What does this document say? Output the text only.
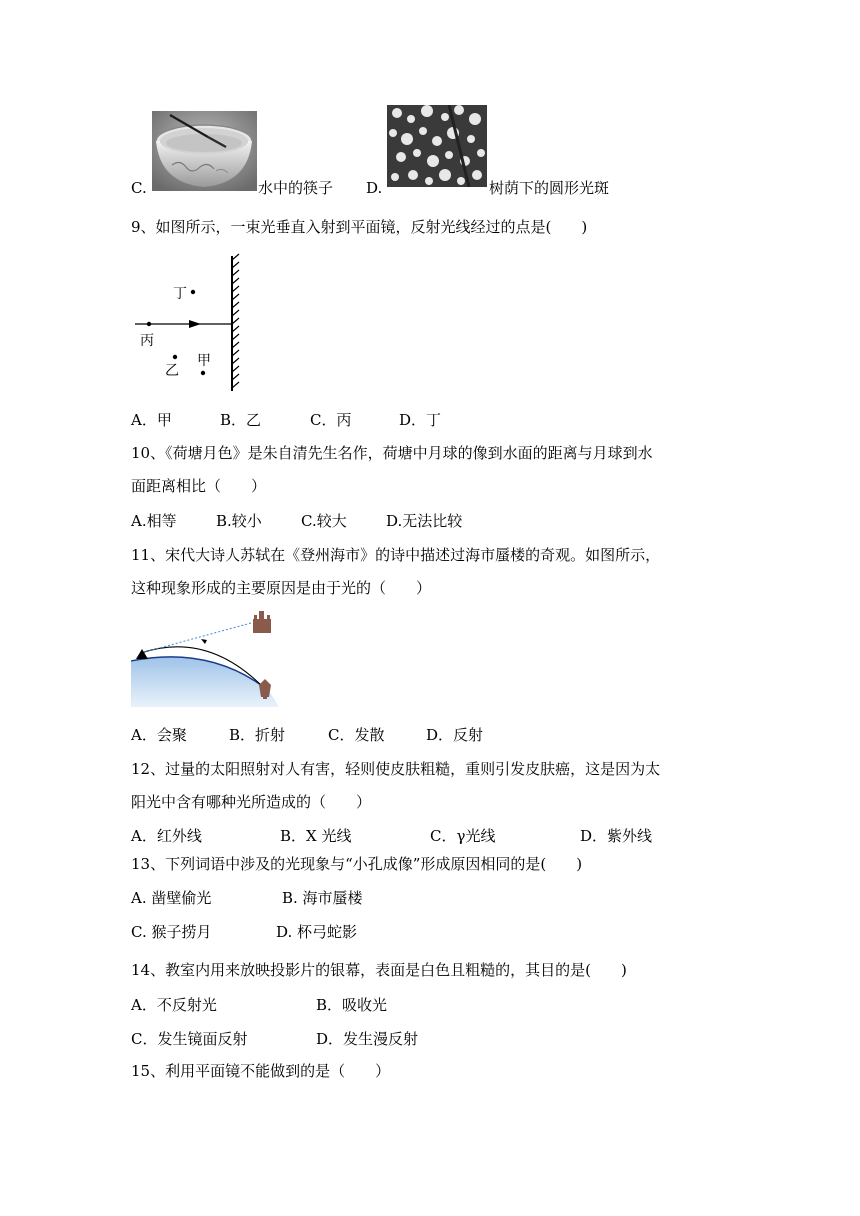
C.	水中的筷子 D.	树荫下的圆形光斑
9、如图所示，一束光垂直入射到平面镜，反射光线经过的点是(　　)
丁
丙
乙
甲
A．甲	B．乙	C．丙	D．丁
10、《荷塘月色》是朱自清先生名作，荷塘中月球的像到水面的距离与月球到水
面距离相比（　　）
A.相等	B.较小	C.较大	D.无法比较
11、宋代大诗人苏轼在《登州海市》的诗中描述过海市蜃楼的奇观。如图所示，
这种现象形成的主要原因是由于光的（　　）
A．会聚	B．折射	C．发散	D．反射
12、过量的太阳照射对人有害，轻则使皮肤粗糙，重则引发皮肤癌，这是因为太
阳光中含有哪种光所造成的（　　）
A．红外线	B．X 光线	C．γ光线	D．紫外线
13、下列词语中涉及的光现象与“小孔成像”形成原因相同的是(　　)
A. 凿壁偷光	B. 海市蜃楼
C. 猴子捞月	D. 杯弓蛇影
14、教室内用来放映投影片的银幕，表面是白色且粗糙的，其目的是(　　)
A．不反射光	B．吸收光
C．发生镜面反射	D．发生漫反射
15、利用平面镜不能做到的是（　　）
